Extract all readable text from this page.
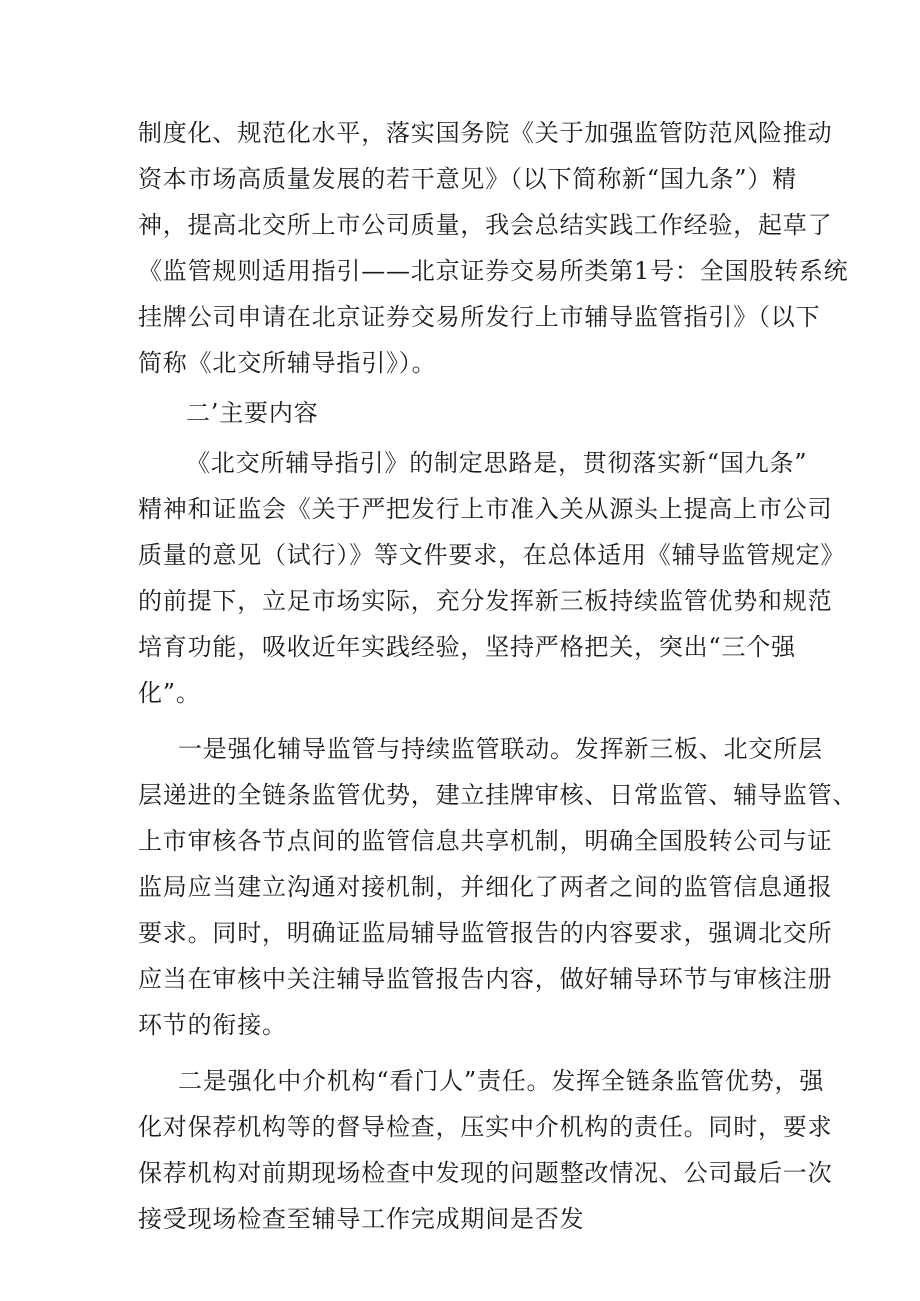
制度化、规范化水平，落实国务院《关于加强监管防范风险推动
资本市场高质量发展的若干意见》（以下简称新“国九条”）精
神，提高北交所上市公司质量，我会总结实践工作经验，起草了
《监管规则适用指引——北京证券交易所类第1号：全国股转系统
挂牌公司申请在北京证券交易所发行上市辅导监管指引》（以下
简称《北交所辅导指引》）。

二’主要内容

《北交所辅导指引》的制定思路是，贯彻落实新“国九条”
精神和证监会《关于严把发行上市准入关从源头上提高上市公司
质量的意见（试行）》等文件要求，在总体适用《辅导监管规定》
的前提下，立足市场实际，充分发挥新三板持续监管优势和规范
培育功能，吸收近年实践经验，坚持严格把关，突出“三个强
化”。

一是强化辅导监管与持续监管联动。发挥新三板、北交所层
层递进的全链条监管优势，建立挂牌审核、日常监管、辅导监管、
上市审核各节点间的监管信息共享机制，明确全国股转公司与证
监局应当建立沟通对接机制，并细化了两者之间的监管信息通报
要求。同时，明确证监局辅导监管报告的内容要求，强调北交所
应当在审核中关注辅导监管报告内容，做好辅导环节与审核注册
环节的衔接。

二是强化中介机构“看门人”责任。发挥全链条监管优势，强
化对保荐机构等的督导检查，压实中介机构的责任。同时，要求
保荐机构对前期现场检查中发现的问题整改情况、公司最后一次
接受现场检查至辅导工作完成期间是否发
